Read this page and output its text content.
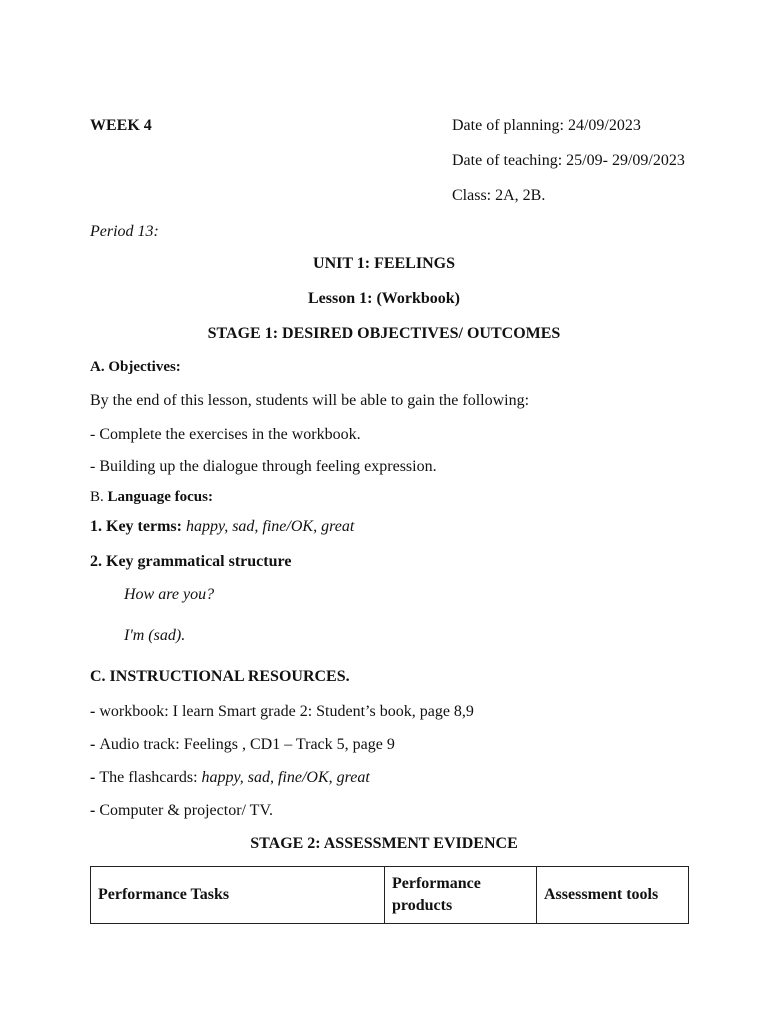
WEEK 4	Date of planning: 24/09/2023
Date of teaching: 25/09- 29/09/2023
Class: 2A, 2B.
Period 13:
UNIT 1: FEELINGS
Lesson 1: (Workbook)
STAGE 1: DESIRED OBJECTIVES/ OUTCOMES
A. Objectives:
By the end of this lesson, students will be able to gain the following:
- Complete the exercises in the workbook.
- Building up the dialogue through feeling expression.
B. Language focus:
1. Key terms: happy, sad, fine/OK, great
2. Key grammatical structure
How are you?
I'm (sad).
C. INSTRUCTIONAL RESOURCES.
- workbook: I learn Smart grade 2: Student’s book, page 8,9
- Audio track: Feelings , CD1 – Track 5, page 9
- The flashcards: happy, sad, fine/OK, great
- Computer & projector/ TV.
STAGE 2: ASSESSMENT EVIDENCE
Performance Tasks	Performance products	Assessment tools
